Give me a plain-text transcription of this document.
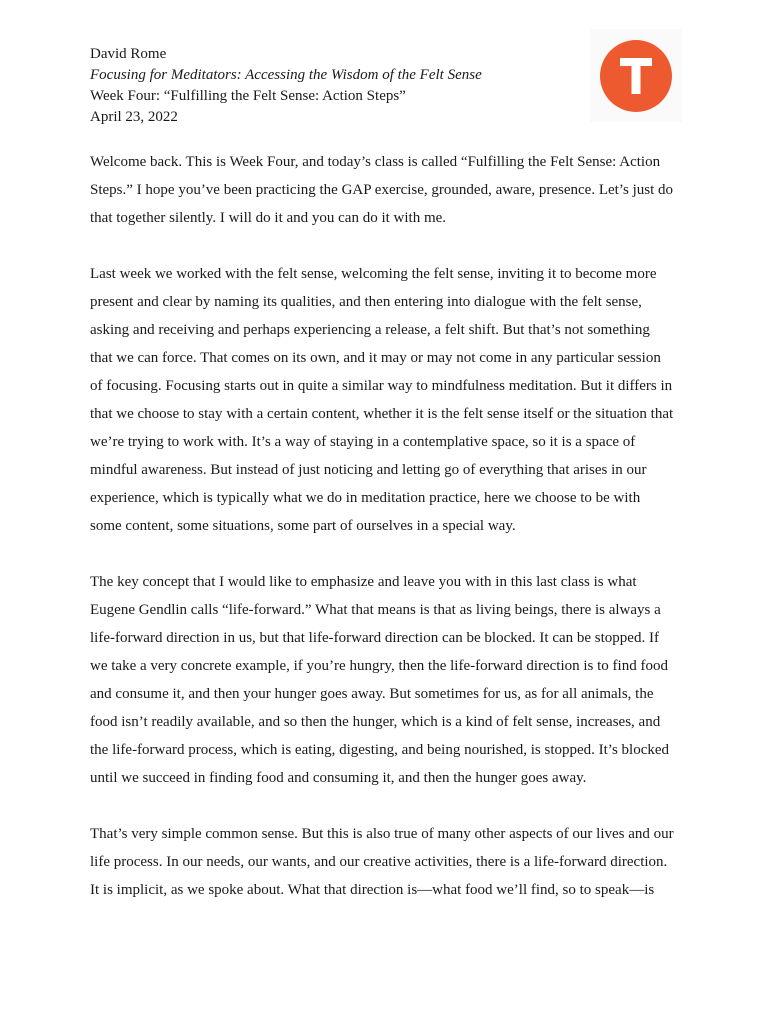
David Rome
Focusing for Meditators: Accessing the Wisdom of the Felt Sense
Week Four: “Fulfilling the Felt Sense: Action Steps”
April 23, 2022

Welcome back. This is Week Four, and today’s class is called “Fulfilling the Felt Sense: Action
Steps.” I hope you’ve been practicing the GAP exercise, grounded, aware, presence. Let’s just do
that together silently. I will do it and you can do it with me.

Last week we worked with the felt sense, welcoming the felt sense, inviting it to become more
present and clear by naming its qualities, and then entering into dialogue with the felt sense,
asking and receiving and perhaps experiencing a release, a felt shift. But that’s not something
that we can force. That comes on its own, and it may or may not come in any particular session
of focusing. Focusing starts out in quite a similar way to mindfulness meditation. But it differs in
that we choose to stay with a certain content, whether it is the felt sense itself or the situation that
we’re trying to work with. It’s a way of staying in a contemplative space, so it is a space of
mindful awareness. But instead of just noticing and letting go of everything that arises in our
experience, which is typically what we do in meditation practice, here we choose to be with
some content, some situations, some part of ourselves in a special way.

The key concept that I would like to emphasize and leave you with in this last class is what
Eugene Gendlin calls “life-forward.” What that means is that as living beings, there is always a
life-forward direction in us, but that life-forward direction can be blocked. It can be stopped. If
we take a very concrete example, if you’re hungry, then the life-forward direction is to find food
and consume it, and then your hunger goes away. But sometimes for us, as for all animals, the
food isn’t readily available, and so then the hunger, which is a kind of felt sense, increases, and
the life-forward process, which is eating, digesting, and being nourished, is stopped. It’s blocked
until we succeed in finding food and consuming it, and then the hunger goes away.

That’s very simple common sense. But this is also true of many other aspects of our lives and our
life process. In our needs, our wants, and our creative activities, there is a life-forward direction.
It is implicit, as we spoke about. What that direction is—what food we’ll find, so to speak—is
